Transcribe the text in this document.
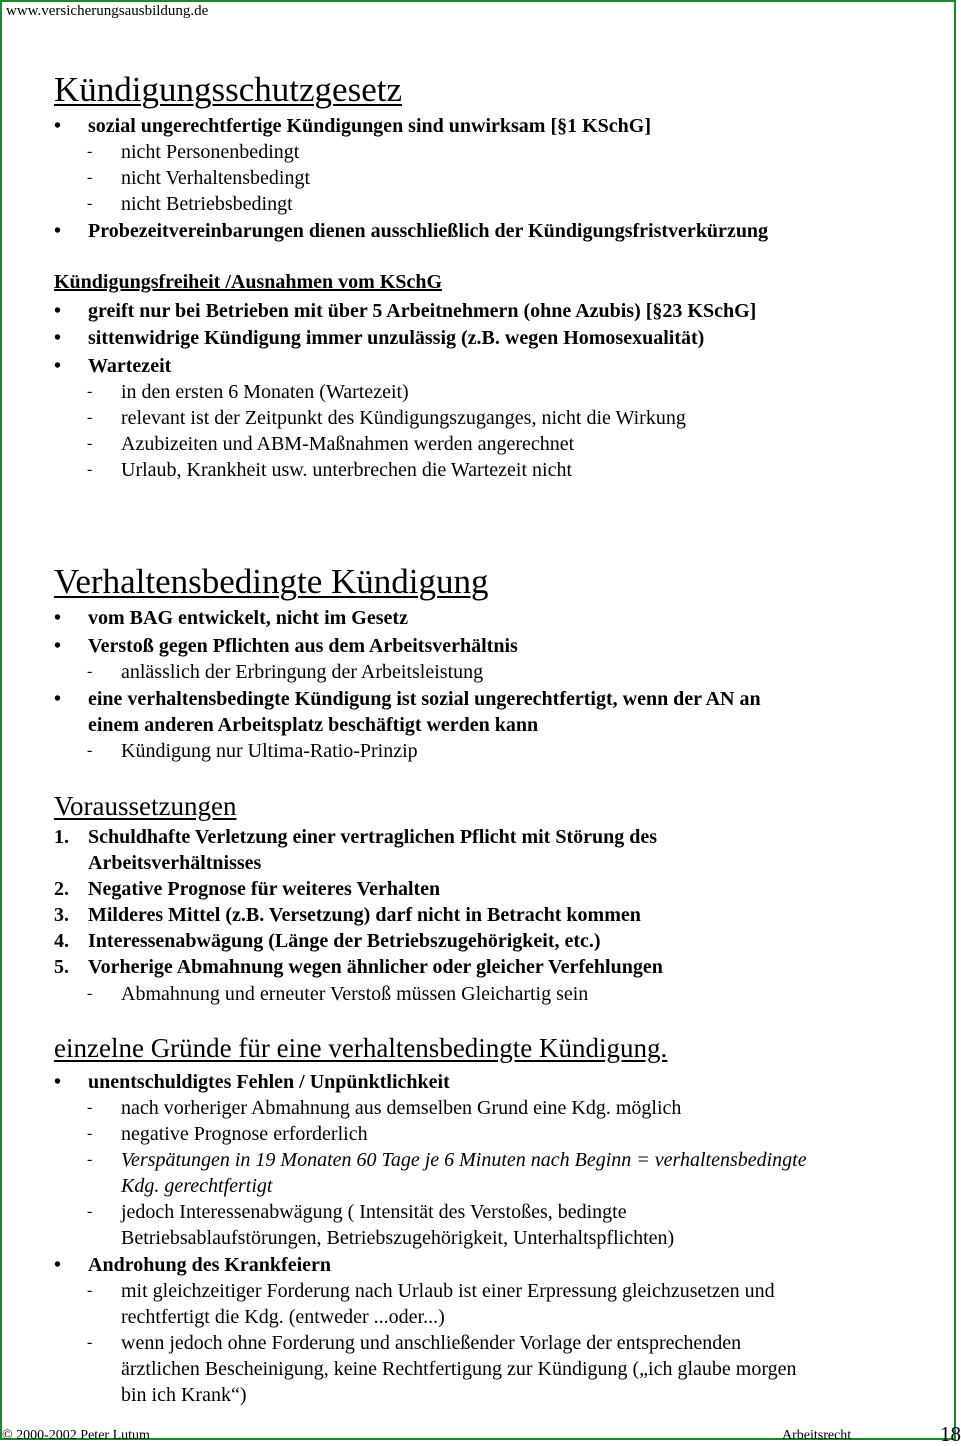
www.versicherungsausbildung.de
Kündigungsschutzgesetz
•	sozial ungerechtfertige Kündigungen sind unwirksam [§1 KSchG]
- nicht Personenbedingt
- nicht Verhaltensbedingt
- nicht Betriebsbedingt
•	Probezeitvereinbarungen dienen ausschließlich der Kündigungsfristverkürzung
Kündigungsfreiheit /Ausnahmen vom KSchG
•	greift nur bei Betrieben mit über 5 Arbeitnehmern (ohne Azubis) [§23 KSchG]
•	sittenwidrige Kündigung immer unzulässig (z.B. wegen Homosexualität)
•	Wartezeit
- in den ersten 6 Monaten (Wartezeit)
- relevant ist der Zeitpunkt des Kündigungszuganges, nicht die Wirkung
- Azubizeiten und ABM-Maßnahmen werden angerechnet
- Urlaub, Krankheit usw. unterbrechen die Wartezeit nicht
Verhaltensbedingte Kündigung
•	vom BAG entwickelt, nicht im Gesetz
•	Verstoß gegen Pflichten aus dem Arbeitsverhältnis
- anlässlich der Erbringung der Arbeitsleistung
•	eine verhaltensbedingte Kündigung ist sozial ungerechtfertigt, wenn der AN an
einem anderen Arbeitsplatz beschäftigt werden kann
- Kündigung nur Ultima-Ratio-Prinzip
Voraussetzungen
1. Schuldhafte Verletzung einer vertraglichen Pflicht mit Störung des
Arbeitsverhältnisses
2. Negative Prognose für weiteres Verhalten
3. Milderes Mittel (z.B. Versetzung) darf nicht in Betracht kommen
4. Interessenabwägung (Länge der Betriebszugehörigkeit, etc.)
5. Vorherige Abmahnung wegen ähnlicher oder gleicher Verfehlungen
- Abmahnung und erneuter Verstoß müssen Gleichartig sein
einzelne Gründe für eine verhaltensbedingte Kündigung.
•	unentschuldigtes Fehlen / Unpünktlichkeit
- nach vorheriger Abmahnung aus demselben Grund eine Kdg. möglich
- negative Prognose erforderlich
- Verspätungen in 19 Monaten 60 Tage je 6 Minuten nach Beginn = verhaltensbedingte
Kdg. gerechtfertigt
- jedoch Interessenabwägung ( Intensität des Verstoßes, bedingte
Betriebsablaufstörungen, Betriebszugehörigkeit, Unterhaltspflichten)
•	Androhung des Krankfeiern
- mit gleichzeitiger Forderung nach Urlaub ist einer Erpressung gleichzusetzen und
rechtfertigt die Kdg. (entweder ...oder...)
- wenn jedoch ohne Forderung und anschließender Vorlage der entsprechenden
ärztlichen Bescheinigung, keine Rechtfertigung zur Kündigung („ich glaube morgen
bin ich Krank“)
© 2000-2002 Peter Lutum	Arbeitsrecht	18
